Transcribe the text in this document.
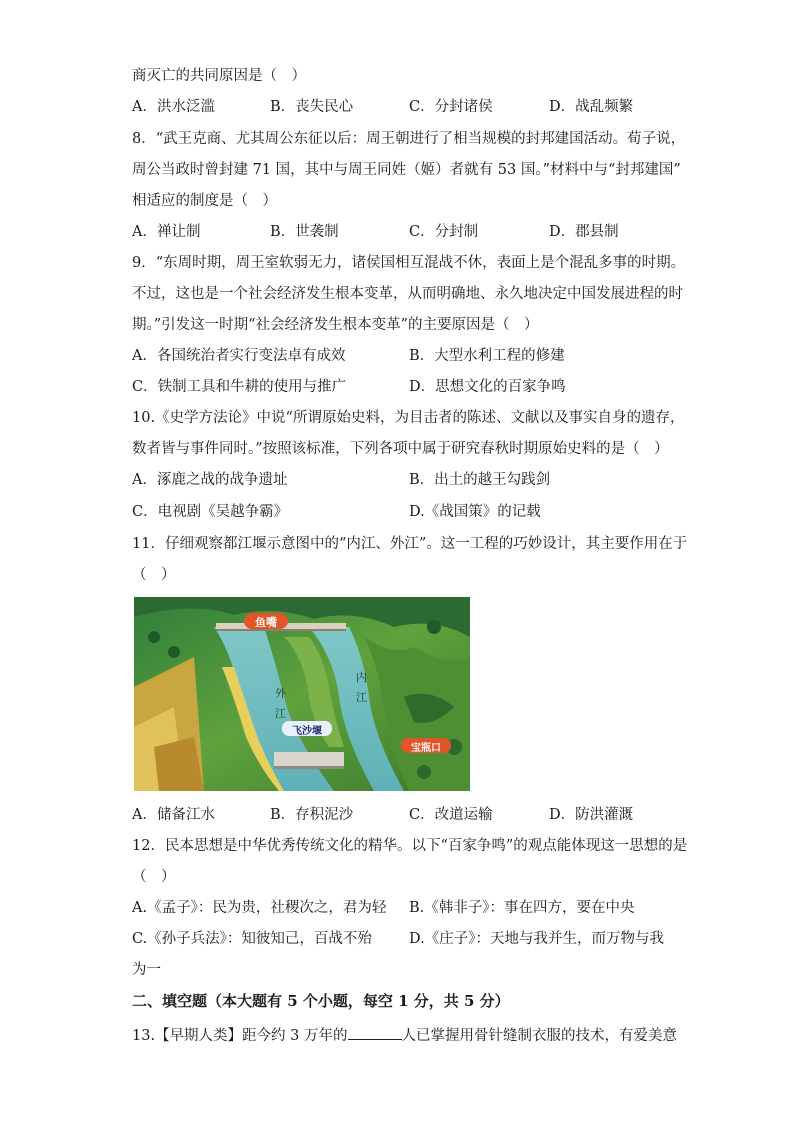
商灭亡的共同原因是（　）
A．洪水泛滥	B．丧失民心	C．分封诸侯	D．战乱频繁
8．“武王克商、尤其周公东征以后：周王朝进行了相当规模的封邦建国活动。荀子说，
周公当政时曾封建 71 国，其中与周王同姓（姬）者就有 53 国。”材料中与“封邦建国”
相适应的制度是（　）
A．禅让制	B．世袭制	C．分封制	D．郡县制
9．“东周时期，周王室软弱无力，诸侯国相互混战不休，表面上是个混乱多事的时期。
不过，这也是一个社会经济发生根本变革，从而明确地、永久地决定中国发展进程的时
期。”引发这一时期“社会经济发生根本变革”的主要原因是（　）
A．各国统治者实行变法卓有成效	B．大型水利工程的修建
C．铁制工具和牛耕的使用与推广	D．思想文化的百家争鸣
10.《史学方法论》中说“所谓原始史料，为目击者的陈述、文献以及事实自身的遗存，
数者皆与事件同时。”按照该标准，下列各项中属于研究春秋时期原始史料的是（　）
A．涿鹿之战的战争遗址	B．出土的越王勾践剑
C．电视剧《吴越争霸》	D.《战国策》的记载
11．仔细观察都江堰示意图中的“内江、外江”。这一工程的巧妙设计，其主要作用在于
（　）
鱼嘴
外
江
内
江
飞沙堰
宝瓶口
A．储备江水	B．存积泥沙	C．改道运输	D．防洪灌溉
12．民本思想是中华优秀传统文化的精华。以下“百家争鸣”的观点能体现这一思想的是
（　）
A.《孟子》：民为贵，社稷次之，君为轻 B.《韩非子》：事在四方，要在中央
C.《孙子兵法》：知彼知己，百战不殆	D.《庄子》：天地与我并生，而万物与我
为一
二、填空题（本大题有 5 个小题，每空 1 分，共 5 分）
13.【早期人类】距今约 3 万年的	人已掌握用骨针缝制衣服的技术，有爱美意
